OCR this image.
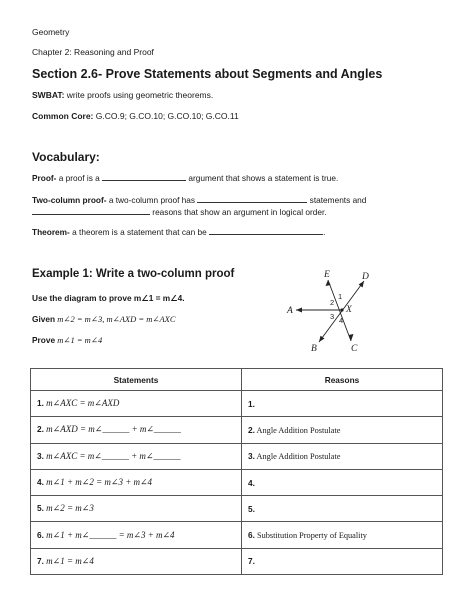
Geometry
Chapter 2: Reasoning and Proof
Section 2.6- Prove Statements about Segments and Angles
SWBAT: write proofs using geometric theorems.
Common Core: G.CO.9; G.CO.10; G.CO.10; G.CO.11
Vocabulary:
Proof- a proof is a	argument that shows a statement is true.
Two-column proof- a two-column proof has	statements and
reasons that show an argument in logical order.
Theorem- a theorem is a statement that can be	.
Example 1: Write a two-column proof
Use the diagram to prove m∠1 = m∠4.
Given m∠2 = m∠3, m∠AXD = m∠AXC
Prove m∠1 = m∠4
E	D
A	X
B	C
1
2
3 4
Statements	Reasons
1. m∠AXC = m∠AXD	1.
2. m∠AXD = m∠______ + m∠______	2. Angle Addition Postulate
3. m∠AXC = m∠______ + m∠______	3. Angle Addition Postulate
4. m∠1 + m∠2 = m∠3 + m∠4	4.
5. m∠2 = m∠3	5.
6. m∠1 + m∠______ = m∠3 + m∠4	6. Substitution Property of Equality
7. m∠1 = m∠4	7.
